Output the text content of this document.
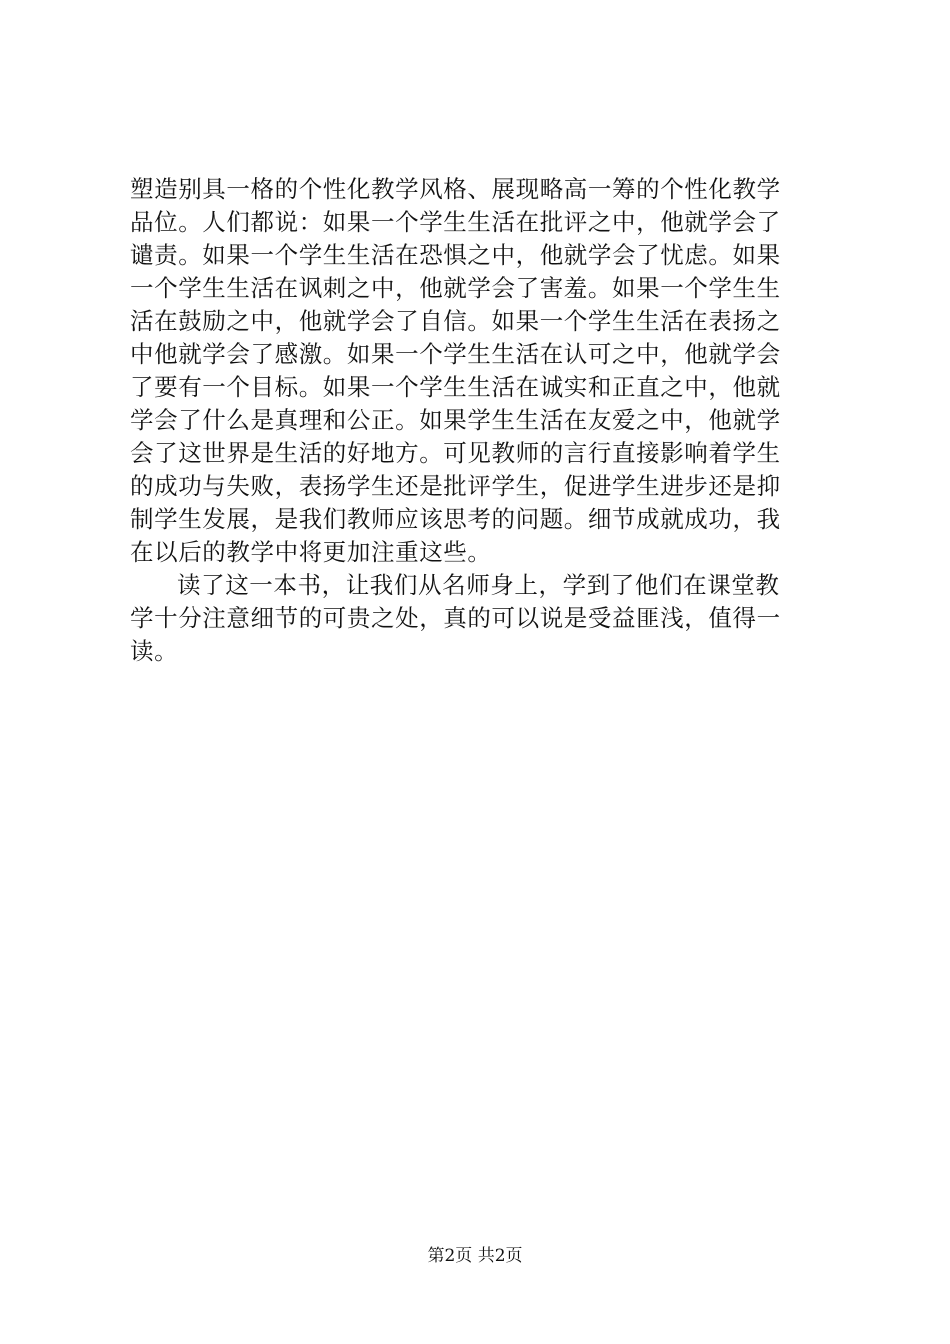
塑造别具一格的个性化教学风格、展现略高一筹的个性化教学
品位。人们都说：如果一个学生生活在批评之中，他就学会了
谴责。如果一个学生生活在恐惧之中，他就学会了忧虑。如果
一个学生生活在讽刺之中，他就学会了害羞。如果一个学生生
活在鼓励之中，他就学会了自信。如果一个学生生活在表扬之
中他就学会了感激。如果一个学生生活在认可之中，他就学会
了要有一个目标。如果一个学生生活在诚实和正直之中，他就
学会了什么是真理和公正。如果学生生活在友爱之中，他就学
会了这世界是生活的好地方。可见教师的言行直接影响着学生
的成功与失败，表扬学生还是批评学生，促进学生进步还是抑
制学生发展，是我们教师应该思考的问题。细节成就成功，我
在以后的教学中将更加注重这些。
读了这一本书，让我们从名师身上，学到了他们在课堂教
学十分注意细节的可贵之处，真的可以说是受益匪浅，值得一
读。
第2页 共2页
